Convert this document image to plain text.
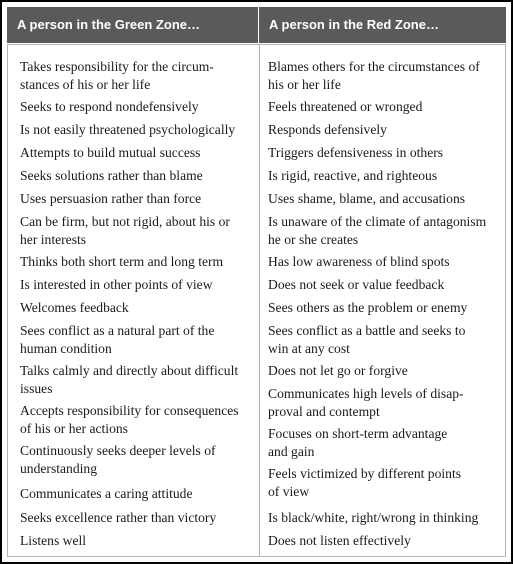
A person in the Green Zone…	A person in the Red Zone…
Takes responsibility for the circum-
stances of his or her life
Seeks to respond nondefensively
Is not easily threatened psychologically
Attempts to build mutual success
Seeks solutions rather than blame
Uses persuasion rather than force
Can be firm, but not rigid, about his or
her interests
Thinks both short term and long term
Is interested in other points of view
Welcomes feedback
Sees conflict as a natural part of the
human condition
Talks calmly and directly about difficult
issues
Accepts responsibility for consequences
of his or her actions
Continuously seeks deeper levels of
understanding
Communicates a caring attitude
Seeks excellence rather than victory
Listens well
Blames others for the circumstances of
his or her life
Feels threatened or wronged
Responds defensively
Triggers defensiveness in others
Is rigid, reactive, and righteous
Uses shame, blame, and accusations
Is unaware of the climate of antagonism
he or she creates
Has low awareness of blind spots
Does not seek or value feedback
Sees others as the problem or enemy
Sees conflict as a battle and seeks to
win at any cost
Does not let go or forgive
Communicates high levels of disap-
proval and contempt
Focuses on short-term advantage
and gain
Feels victimized by different points
of view
Is black/white, right/wrong in thinking
Does not listen effectively
